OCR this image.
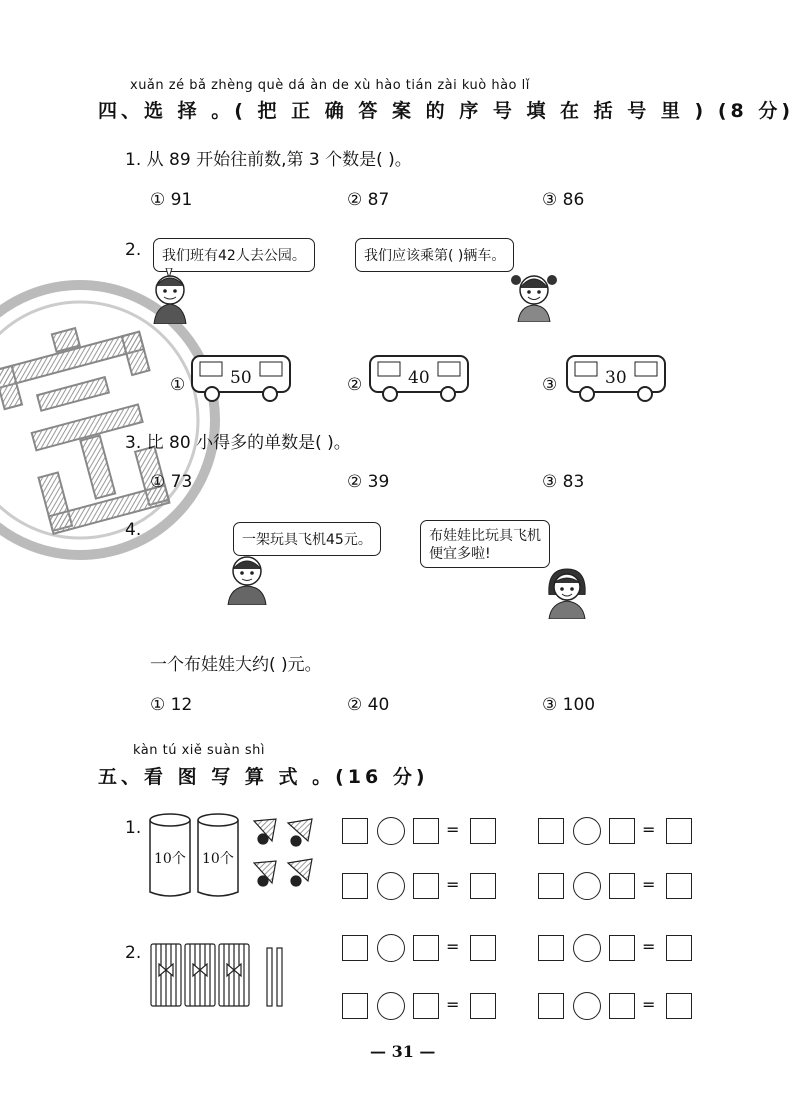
xuǎn zé bǎ zhèng què dá àn de xù hào tián zài kuò hào lǐ
四、选 择 。( 把 正 确 答 案 的 序 号 填 在 括 号 里 ) (8 分)
1. 从 89 开始往前数,第 3 个数是( )。
① 91	② 87	③ 86
2.	我们班有42人去公园。	我们应该乘第( )辆车。
①	②	③
50	40	30
3. 比 80 小得多的单数是( )。
① 73	② 39	③ 83
4.	一架玩具飞机45元。	布娃娃比玩具飞机
便宜多啦!
一个布娃娃大约( )元。
① 12	② 40	③ 100
kàn tú xiě suàn shì
五、看 图 写 算 式 。(16 分)
1.
10个 10个
2.
=	=
=	=
=	=
=	=
— 31 —
